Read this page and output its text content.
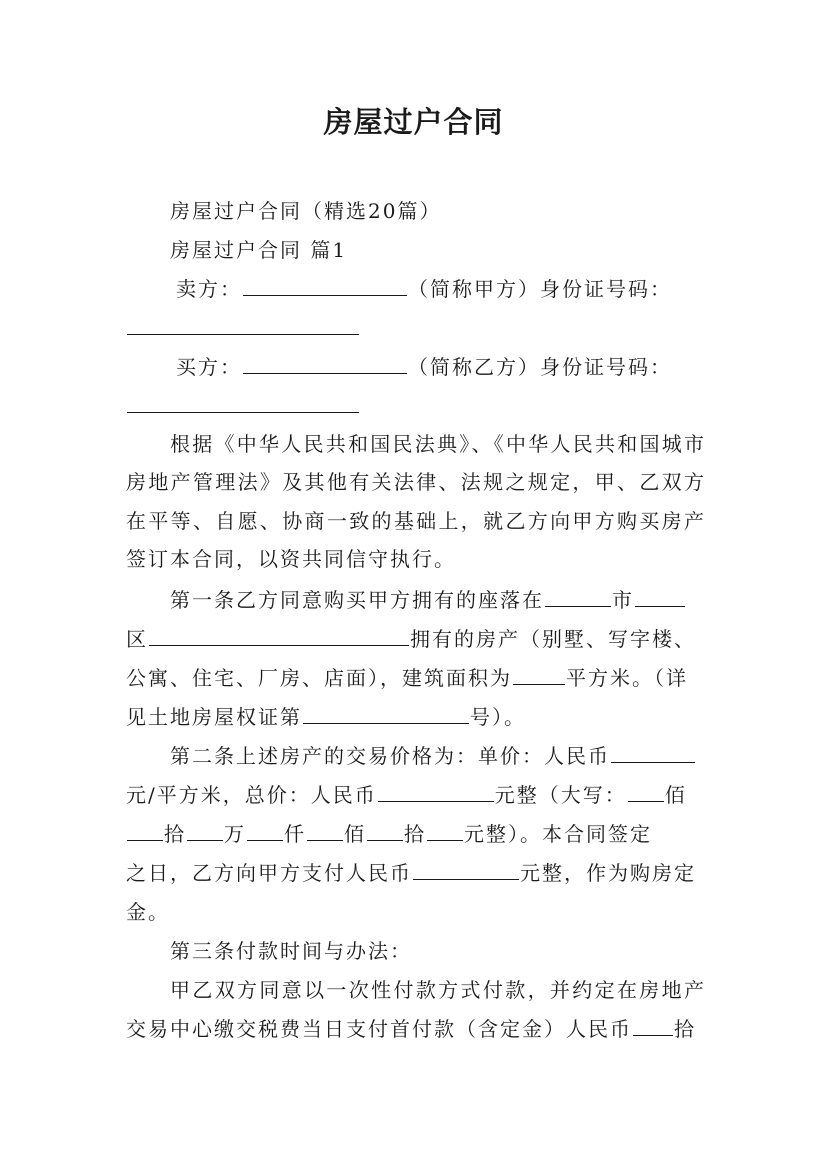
房屋过户合同
房屋过户合同（精选20篇）
房屋过户合同 篇1
卖方：	（简称甲方）身份证号码：
买方：	（简称乙方）身份证号码：
根据《中华人民共和国民法典》、《中华人民共和国城市
房地产管理法》及其他有关法律、法规之规定，甲、乙双方
在平等、自愿、协商一致的基础上，就乙方向甲方购买房产
签订本合同，以资共同信守执行。
第一条乙方同意购买甲方拥有的座落在	市
区	拥有的房产（别墅、写字楼、
公寓、住宅、厂房、店面），建筑面积为	平方米。（详
见土地房屋权证第	号）。
第二条上述房产的交易价格为：单价：人民币
元/平方米，总价：人民币	元整（大写： 佰
拾 万 仟 佰 拾 元整）。本合同签定
之日，乙方向甲方支付人民币	元整，作为购房定
金。
第三条付款时间与办法：
甲乙双方同意以一次性付款方式付款，并约定在房地产
交易中心缴交税费当日支付首付款（含定金）人民币 拾
